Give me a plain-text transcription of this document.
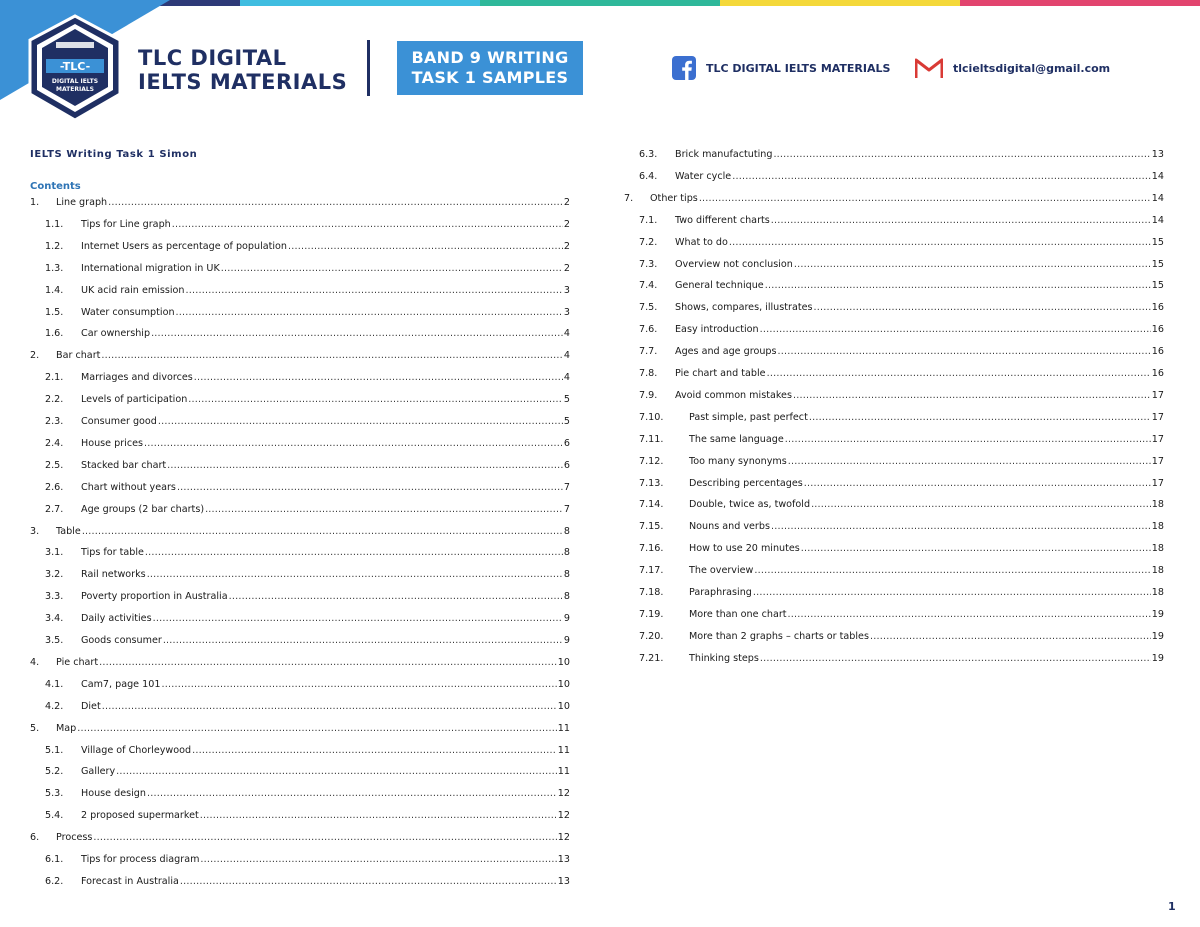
-TLC-
DIGITAL IELTS
MATERIALS
TLC DIGITAL
IELTS MATERIALS
BAND 9 WRITING
TASK 1 SAMPLES	TLC DIGITAL IELTS MATERIALS	tlcieltsdigital@gmail.com
IELTS Writing Task 1 Simon
Contents
1.	Line graph .....	2
1.1.	Tips for Line graph .....	2
1.2.	Internet Users as percentage of population .....	2
1.3.	International migration in UK .....	2
1.4.	UK acid rain emission .....	3
1.5.	Water consumption .....	3
1.6.	Car ownership .....	4
2.	Bar chart .....	4
2.1.	Marriages and divorces .....	4
2.2.	Levels of participation .....	5
2.3.	Consumer good .....	5
2.4.	House prices .....	6
2.5.	Stacked bar chart .....	6
2.6.	Chart without years .....	7
2.7.	Age groups (2 bar charts) .....	7
3.	Table .....	8
3.1.	Tips for table .....	8
3.2.	Rail networks .....	8
3.3.	Poverty proportion in Australia .....	8
3.4.	Daily activities .....	9
3.5.	Goods consumer .....	9
4.	Pie chart .....	10
4.1.	Cam7, page 101 .....	10
4.2.	Diet .....	10
5.	Map .....	11
5.1.	Village of Chorleywood .....	11
5.2.	Gallery .....	11
5.3.	House design .....	12
5.4.	2 proposed supermarket .....	12
6.	Process .....	12
6.1.	Tips for process diagram .....	13
6.2.	Forecast in Australia .....	13
6.3.	Brick manufactuting .....	13
6.4.	Water cycle .....	14
7.	Other tips .....	14
7.1.	Two different charts .....	14
7.2.	What to do .....	15
7.3.	Overview not conclusion .....	15
7.4.	General technique .....	15
7.5.	Shows, compares, illustrates .....	16
7.6.	Easy introduction .....	16
7.7.	Ages and age groups .....	16
7.8.	Pie chart and table .....	16
7.9.	Avoid common mistakes .....	17
7.10.	Past simple, past perfect .....	17
7.11.	The same language .....	17
7.12.	Too many synonyms .....	17
7.13.	Describing percentages .....	17
7.14.	Double, twice as, twofold .....	18
7.15.	Nouns and verbs .....	18
7.16.	How to use 20 minutes .....	18
7.17.	The overview .....	18
7.18.	Paraphrasing .....	18
7.19.	More than one chart .....	19
7.20.	More than 2 graphs – charts or tables .....	19
7.21.	Thinking steps .....	19
1
